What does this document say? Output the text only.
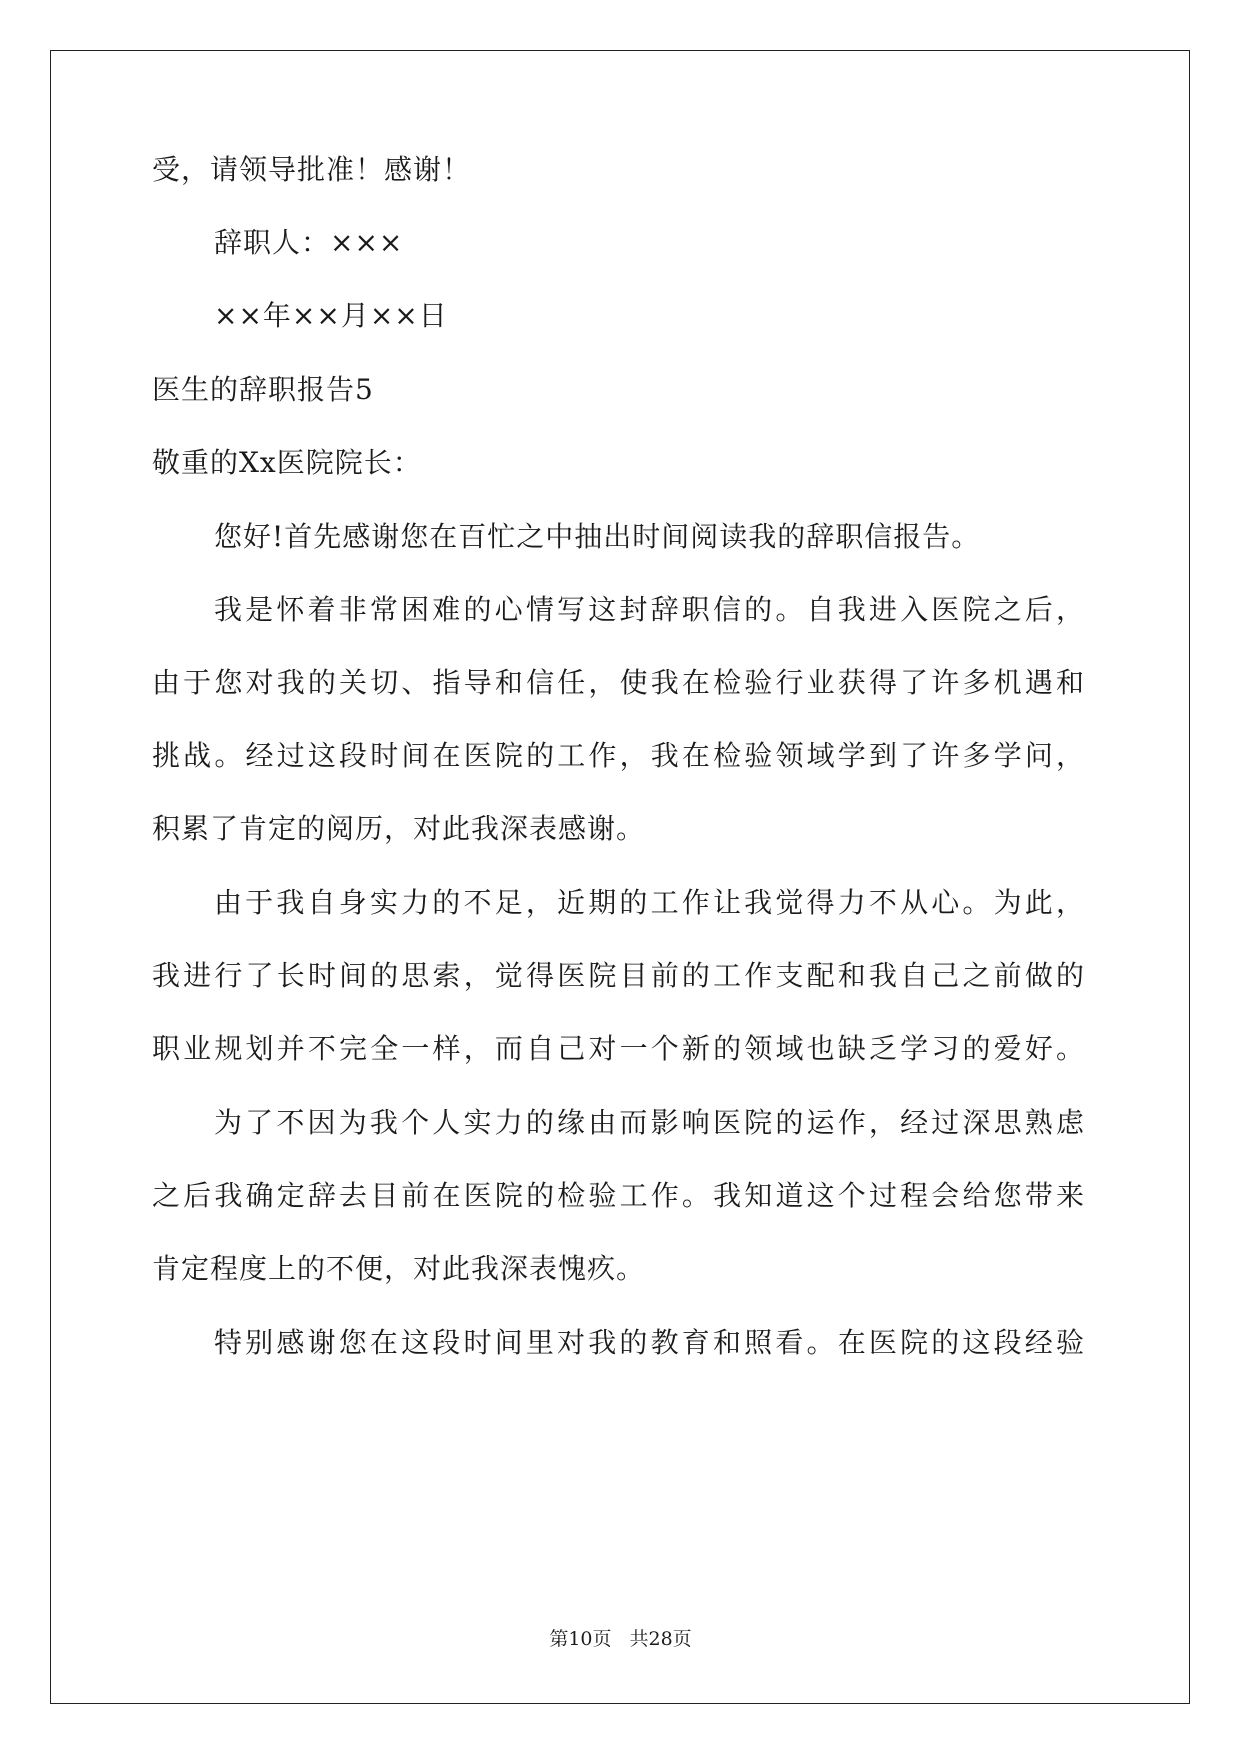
受，请领导批准！感谢！
辞职人：×××
××年××月××日
医生的辞职报告5
敬重的Xx医院院长：
您好!首先感谢您在百忙之中抽出时间阅读我的辞职信报告。
我是怀着非常困难的心情写这封辞职信的。自我进入医院之后，
由于您对我的关切、指导和信任，使我在检验行业获得了许多机遇和
挑战。经过这段时间在医院的工作，我在检验领域学到了许多学问，
积累了肯定的阅历，对此我深表感谢。
由于我自身实力的不足，近期的工作让我觉得力不从心。为此，
我进行了长时间的思索，觉得医院目前的工作支配和我自己之前做的
职业规划并不完全一样，而自己对一个新的领域也缺乏学习的爱好。
为了不因为我个人实力的缘由而影响医院的运作，经过深思熟虑
之后我确定辞去目前在医院的检验工作。我知道这个过程会给您带来
肯定程度上的不便，对此我深表愧疚。
特别感谢您在这段时间里对我的教育和照看。在医院的这段经验
第10页 共28页
